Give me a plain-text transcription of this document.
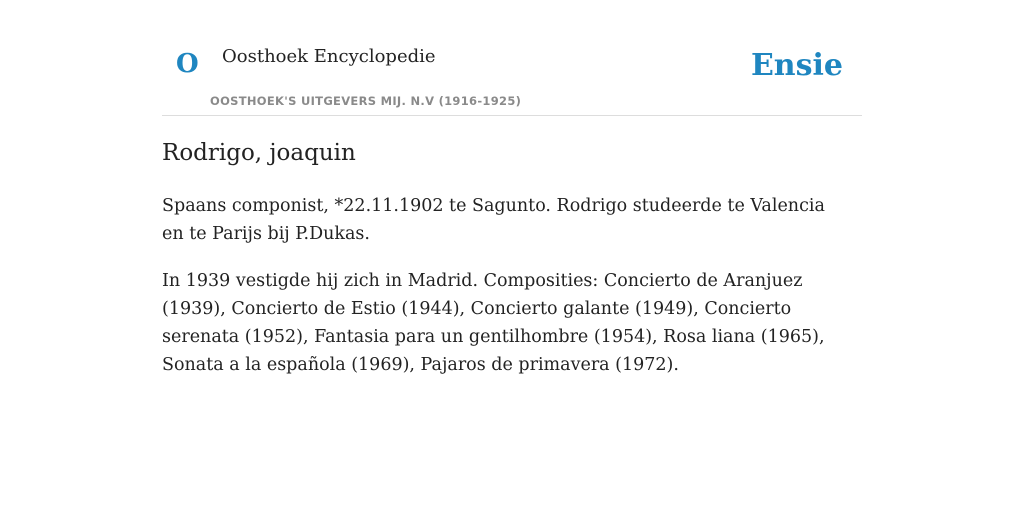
O Oosthoek Encyclopedie
OOSTHOEK'S UITGEVERS MIJ. N.V (1916-1925)
Ensie
Rodrigo, joaquin

Spaans componist, *22.11.1902 te Sagunto. Rodrigo studeerde te Valencia en te Parijs bij P.Dukas.

In 1939 vestigde hij zich in Madrid. Composities: Concierto de Aranjuez (1939), Concierto de Estio (1944), Concierto galante (1949), Concierto serenata (1952), Fantasia para un gentilhombre (1954), Rosa liana (1965), Sonata a la española (1969), Pajaros de primavera (1972).
